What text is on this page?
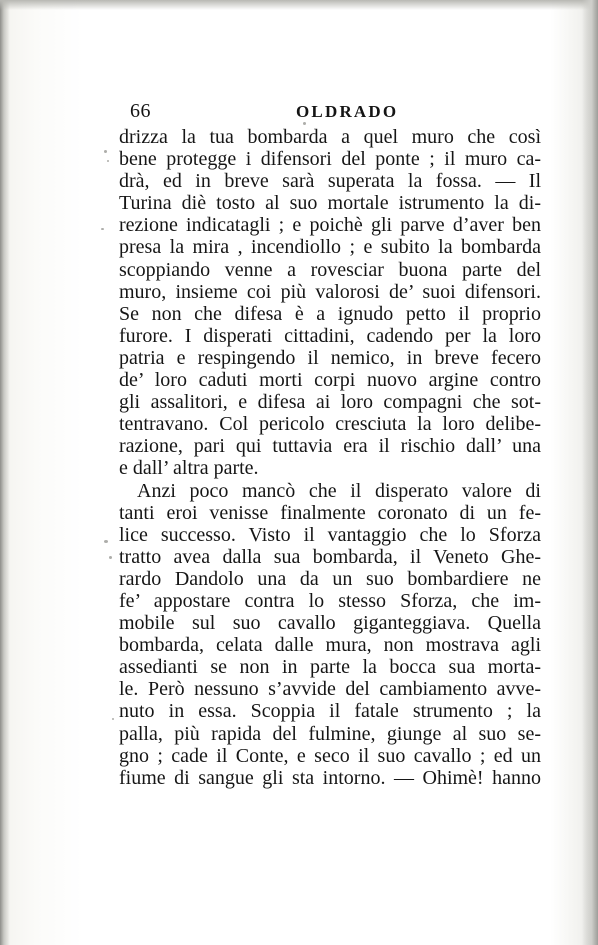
66	OLDRADO
drizza la tua bombarda a quel muro che così
bene protegge i difensori del ponte ; il muro ca-
drà, ed in breve sarà superata la fossa. — Il
Turina diè tosto al suo mortale istrumento la di-
rezione indicatagli ; e poichè gli parve d’aver ben
presa la mira , incendiollo ; e subito la bombarda
scoppiando venne a rovesciar buona parte del
muro, insieme coi più valorosi de’ suoi difensori.
Se non che difesa è a ignudo petto il proprio
furore. I disperati cittadini, cadendo per la loro
patria e respingendo il nemico, in breve fecero
de’ loro caduti morti corpi nuovo argine contro
gli assalitori, e difesa ai loro compagni che sot-
tentravano. Col pericolo cresciuta la loro delibe-
razione, pari qui tuttavia era il rischio dall’ una
e dall’ altra parte.
Anzi poco mancò che il disperato valore di
tanti eroi venisse finalmente coronato di un fe-
lice successo. Visto il vantaggio che lo Sforza
tratto avea dalla sua bombarda, il Veneto Ghe-
rardo Dandolo una da un suo bombardiere ne
fe’ appostare contra lo stesso Sforza, che im-
mobile sul suo cavallo giganteggiava. Quella
bombarda, celata dalle mura, non mostrava agli
assedianti se non in parte la bocca sua morta-
le. Però nessuno s’avvide del cambiamento avve-
nuto in essa. Scoppia il fatale strumento ; la
palla, più rapida del fulmine, giunge al suo se-
gno ; cade il Conte, e seco il suo cavallo ; ed un
fiume di sangue gli sta intorno. — Ohimè! hanno
